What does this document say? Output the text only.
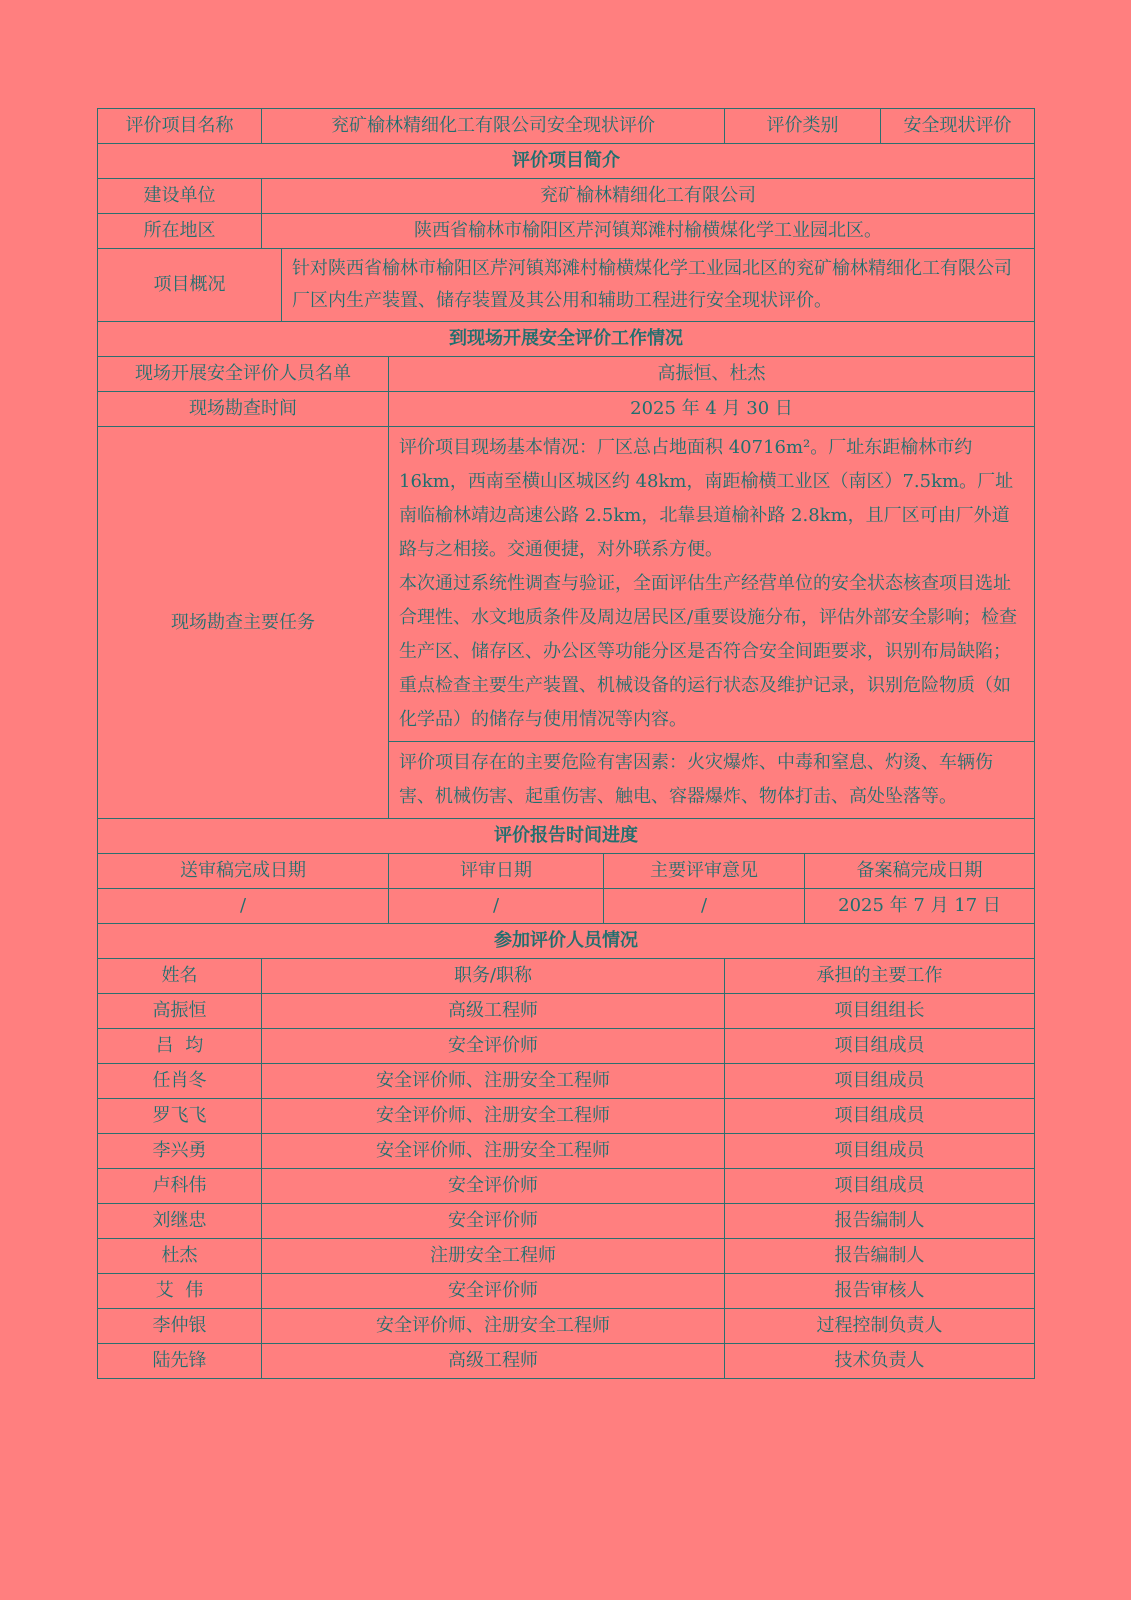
评价项目名称	兖矿榆林精细化工有限公司安全现状评价				评价类别		安全现状评价
评价项目简介							
建设单位	兖矿榆林精细化工有限公司						
所在地区	陕西省榆林市榆阳区芹河镇郑滩村榆横煤化学工业园北区。						
项目概况		针对陕西省榆林市榆阳区芹河镇郑滩村榆横煤化学工业园北区的兖矿榆林精细化工有限公司厂区内生产装置、储存装置及其公用和辅助工程进行安全现状评价。					
到现场开展安全评价工作情况							
现场开展安全评价人员名单			高振恒、杜杰				
现场勘查时间			2025 年 4 月 30 日				
现场勘查主要任务			评价项目现场基本情况：厂区总占地面积 40716m²。厂址东距榆林市约 16km，西南至横山区城区约 48km，南距榆横工业区（南区）7.5km。厂址南临榆林靖边高速公路 2.5km，北靠县道榆补路 2.8km，且厂区可由厂外道路与之相接。交通便捷，对外联系方便。
本次通过系统性调查与验证，全面评估生产经营单位的安全状态核查项目选址合理性、水文地质条件及周边居民区/重要设施分布，评估外部安全影响；检查生产区、储存区、办公区等功能分区是否符合安全间距要求，识别布局缺陷；重点检查主要生产装置、机械设备的运行状态及维护记录，识别危险物质（如化学品）的储存与使用情况等内容。				

			评价项目存在的主要危险有害因素：火灾爆炸、中毒和窒息、灼烫、车辆伤害、机械伤害、起重伤害、触电、容器爆炸、物体打击、高处坠落等。				
评价报告时间进度							
送审稿完成日期			评审日期	主要评审意见		备案稿完成日期	
/			/	/		2025 年 7 月 17 日	
参加评价人员情况							
姓名	职务/职称				承担的主要工作		
高振恒	高级工程师				项目组组长		
吕  均	安全评价师				项目组成员		
任肖冬	安全评价师、注册安全工程师				项目组成员		
罗飞飞	安全评价师、注册安全工程师				项目组成员		
李兴勇	安全评价师、注册安全工程师				项目组成员		
卢科伟	安全评价师				项目组成员		
刘继忠	安全评价师				报告编制人		
杜杰	注册安全工程师				报告编制人		
艾  伟	安全评价师				报告审核人		
李仲银	安全评价师、注册安全工程师				过程控制负责人		
陆先锋	高级工程师				技术负责人		
